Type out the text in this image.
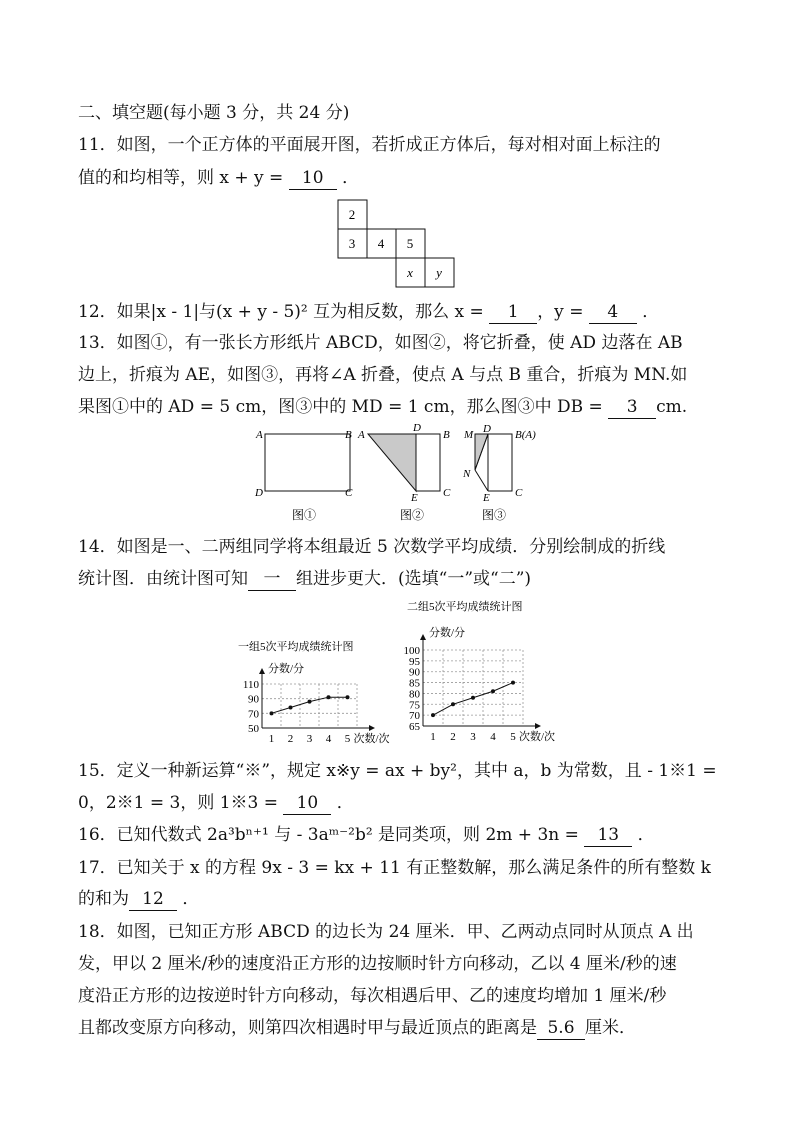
二、填空题(每小题 3 分，共 24 分)
11．如图，一个正方体的平面展开图，若折成正方体后，每对相对面上标注的
值的和均相等，则 x + y = 10 ．
2
3 4 5
x y
12．如果|x - 1|与(x + y - 5)² 互为相反数，那么 x = 1 ，y = 4 ．
13．如图①，有一张长方形纸片 ABCD，如图②，将它折叠，使 AD 边落在 AB
边上，折痕为 AE，如图③，再将∠A 折叠，使点 A 与点 B 重合，折痕为 MN.如
果图①中的 AD = 5 cm，图③中的 MD = 1 cm，那么图③中 DB = 3 cm.
A	B
D	C
图①
A
D
B
E C
图②
M D B(A)
N
E C
图③
14．如图是一、二两组同学将本组最近 5 次数学平均成绩．分别绘制成的折线
统计图．由统计图可知 一 组进步更大．(选填“一”或“二”)
一组5次平均成绩统计图
分数/分
50
70
90
110
1 2 3 4 5 次数/次
二组5次平均成绩统计图
分数/分
65
70
75
80
85
90
95
100
1 2 3 4 5 次数/次
15．定义一种新运算“※”，规定 x※y = ax + by²，其中 a，b 为常数，且 - 1※1 =
0，2※1 = 3，则 1※3 = 10 ．
16．已知代数式 2a³bⁿ⁺¹ 与 - 3aᵐ⁻²b² 是同类项，则 2m + 3n = 13 ．
17．已知关于 x 的方程 9x - 3 = kx + 11 有正整数解，那么满足条件的所有整数 k
的和为 12 ．
18．如图，已知正方形 ABCD 的边长为 24 厘米．甲、乙两动点同时从顶点 A 出
发，甲以 2 厘米/秒的速度沿正方形的边按顺时针方向移动，乙以 4 厘米/秒的速
度沿正方形的边按逆时针方向移动，每次相遇后甲、乙的速度均增加 1 厘米/秒
且都改变原方向移动，则第四次相遇时甲与最近顶点的距离是 5.6 厘米．
